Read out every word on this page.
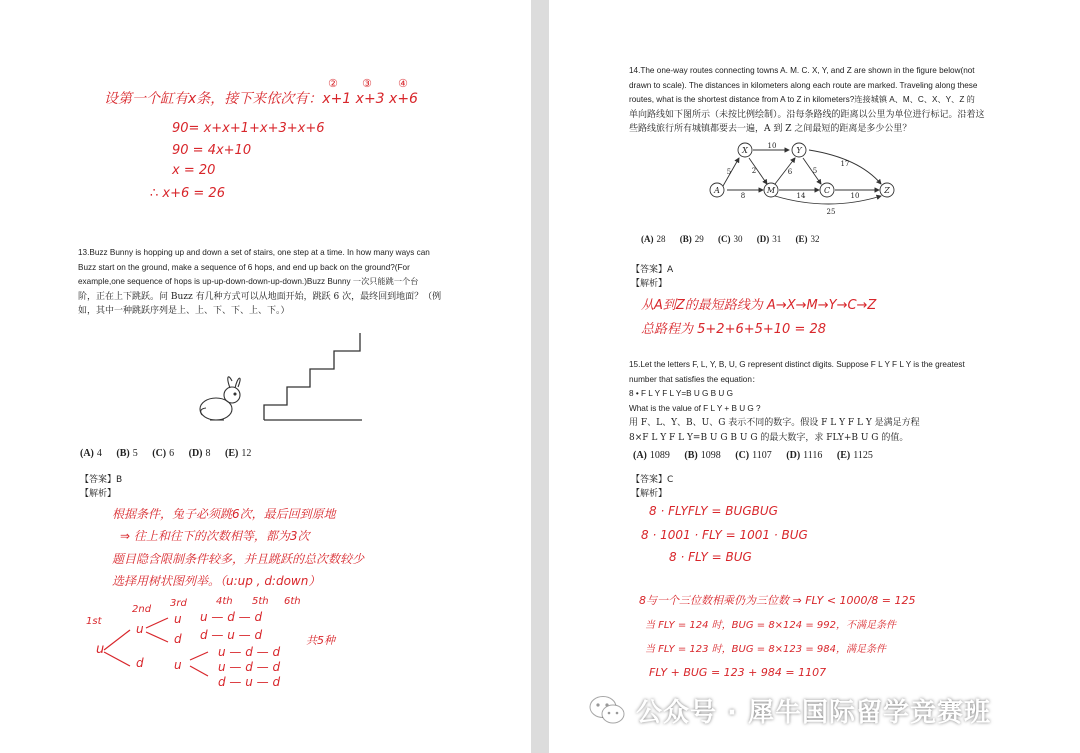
设第一个缸有x条，接下来依次有：x+1 x+3 x+6
② ③ ④
90= x+x+1+x+3+x+6
90 = 4x+10
x = 20
∴ x+6 = 26
13.Buzz Bunny is hopping up and down a set of stairs, one step at a time. In how many ways can
Buzz start on the ground, make a sequence of 6 hops, and end up back on the ground?(For
example,one sequence of hops is up-up-down-down-up-down.)Buzz Bunny 一次只能跳一个台
阶，正在上下跳跃。问 Buzz 有几种方式可以从地面开始，跳跃 6 次，最终回到地面？（例
如，其中一种跳跃序列是上、上、下、下、上、下。）
(A) 4 (B) 5 (C) 6 (D) 8 (E) 12
【答案】B
【解析】
根据条件，兔子必须跳6次，最后回到原地
⇒ 往上和往下的次数相等，都为3次
题目隐含限制条件较多，并且跳跃的总次数较少
选择用树状图列举。（u:up , d:down）
1st
2nd
3rd	4th 5th 6th
u
u
d
u
d
u
u — d — d
d — u — d
u — d — d
u — d — d
d — u — d
共5种
14.The one-way routes connecting towns A. M. C. X, Y, and Z are shown in the figure below(not
drawn to scale). The distances in kilometers along each route are marked. Traveling along these
routes, what is the shortest distance from A to Z in kilometers?连接城镇 A、M、C、X、Y、Z 的
单向路线如下图所示（未按比例绘制）。沿每条路线的距离以公里为单位进行标记。沿着这
些路线旅行所有城镇都要去一遍，A 到 Z 之间最短的距离是多少公里？
X	Y
A	M	C	Z
10
5	2	6	5
17
8	14	10
25
(A) 28 (B) 29 (C) 30 (D) 31 (E) 32
【答案】A
【解析】
从A到Z的最短路线为 A→X→M→Y→C→Z
总路程为 5+2+6+5+10 = 28
15.Let the letters F, L, Y, B, U, G represent distinct digits. Suppose F L Y F L Y is the greatest
number that satisfies the equation：
8 • F L Y F L Y=B U G B U G
What is the value of F L Y + B U G ?
用 F、L、Y、B、U、G 表示不同的数字。假设 F L Y F L Y 是满足方程
8×F L Y F L Y=B U G B U G 的最大数字，求 FLY+B U G 的值。
(A) 1089 (B) 1098 (C) 1107 (D) 1116 (E) 1125
【答案】C
【解析】
8 · FLYFLY = BUGBUG
8 · 1001 · FLY = 1001 · BUG
8 · FLY = BUG
8与一个三位数相乘仍为三位数 ⇒ FLY < 1000/8 = 125
当 FLY = 124 时，BUG = 8×124 = 992，不满足条件
当 FLY = 123 时，BUG = 8×123 = 984，满足条件
FLY + BUG = 123 + 984 = 1107
公众号 · 犀牛国际留学竞赛班
